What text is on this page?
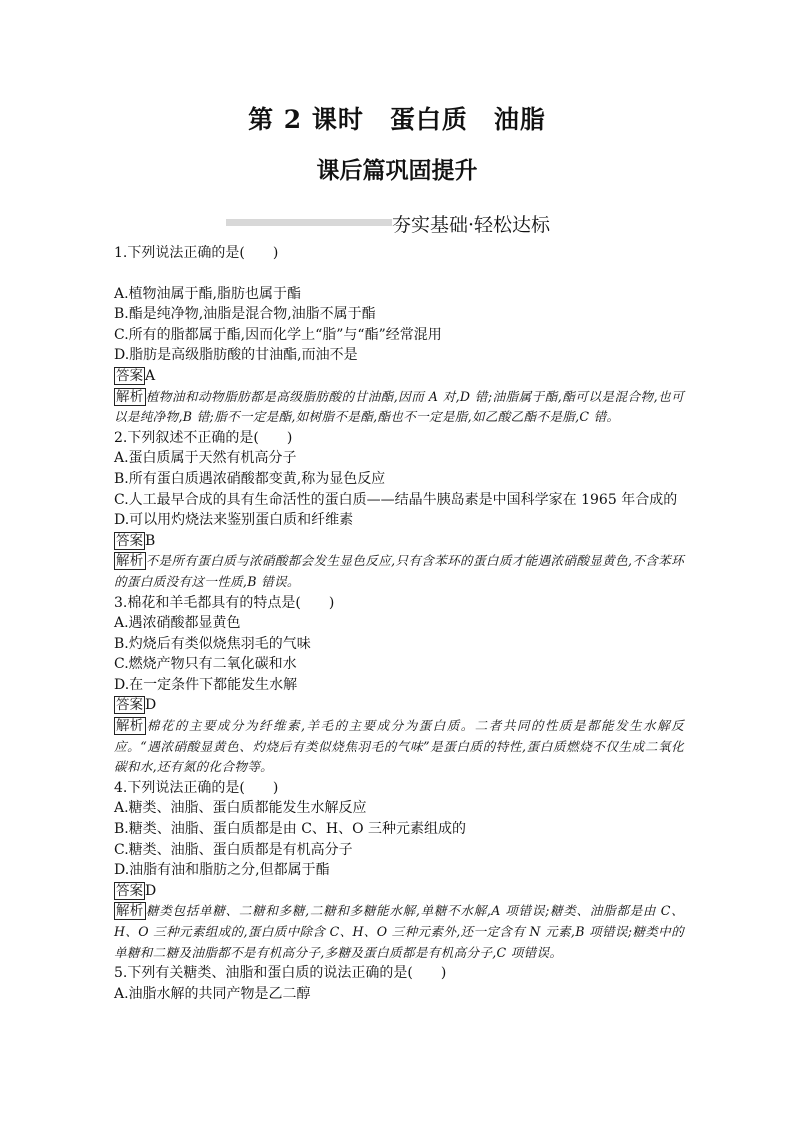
第 2 课时　蛋白质　油脂
课后篇巩固提升
夯实基础·轻松达标

1.下列说法正确的是(　　)

A.植物油属于酯,脂肪也属于酯

B.酯是纯净物,油脂是混合物,油脂不属于酯

C.所有的脂都属于酯,因而化学上“脂”与“酯”经常混用

D.脂肪是高级脂肪酸的甘油酯,而油不是

答案 A

解析 植物油和动物脂肪都是高级脂肪酸的甘油酯,因而 A 对,D 错;油脂属于酯,酯可以是混合物,也可以是纯净物,B 错;脂不一定是酯,如树脂不是酯,酯也不一定是脂,如乙酸乙酯不是脂,C 错。

2.下列叙述不正确的是(　　)

A.蛋白质属于天然有机高分子

B.所有蛋白质遇浓硝酸都变黄,称为显色反应

C.人工最早合成的具有生命活性的蛋白质——结晶牛胰岛素是中国科学家在 1965 年合成的

D.可以用灼烧法来鉴别蛋白质和纤维素

答案 B

解析 不是所有蛋白质与浓硝酸都会发生显色反应,只有含苯环的蛋白质才能遇浓硝酸显黄色,不含苯环的蛋白质没有这一性质,B 错误。

3.棉花和羊毛都具有的特点是(　　)

A.遇浓硝酸都显黄色

B.灼烧后有类似烧焦羽毛的气味

C.燃烧产物只有二氧化碳和水

D.在一定条件下都能发生水解

答案 D

解析 棉花的主要成分为纤维素,羊毛的主要成分为蛋白质。二者共同的性质是都能发生水解反应。“遇浓硝酸显黄色、灼烧后有类似烧焦羽毛的气味”是蛋白质的特性,蛋白质燃烧不仅生成二氧化碳和水,还有氮的化合物等。

4.下列说法正确的是(　　)

A.糖类、油脂、蛋白质都能发生水解反应

B.糖类、油脂、蛋白质都是由 C、H、O 三种元素组成的

C.糖类、油脂、蛋白质都是有机高分子

D.油脂有油和脂肪之分,但都属于酯

答案 D

解析 糖类包括单糖、二糖和多糖,二糖和多糖能水解,单糖不水解,A 项错误;糖类、油脂都是由 C、H、O 三种元素组成的,蛋白质中除含 C、H、O 三种元素外,还一定含有 N 元素,B 项错误;糖类中的单糖和二糖及油脂都不是有机高分子,多糖及蛋白质都是有机高分子,C 项错误。

5.下列有关糖类、油脂和蛋白质的说法正确的是(　　)

A.油脂水解的共同产物是乙二醇
